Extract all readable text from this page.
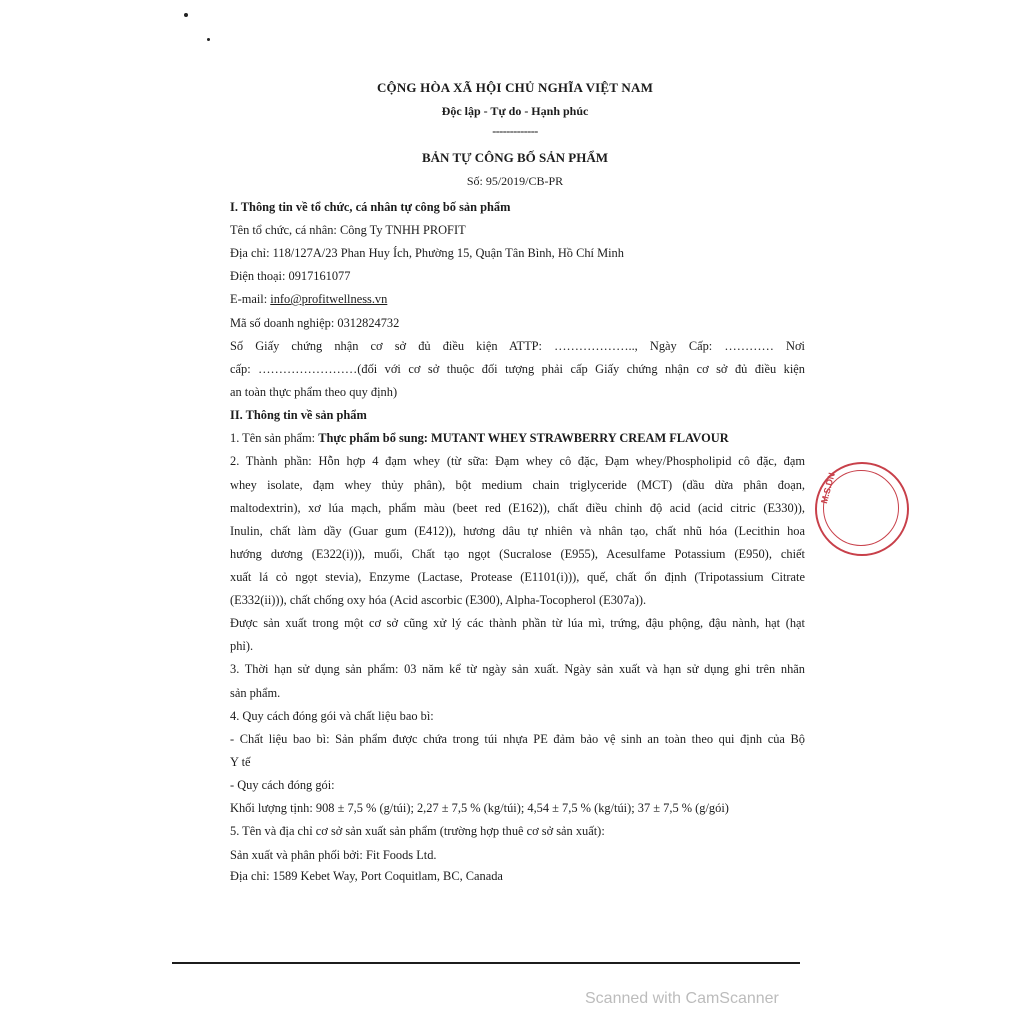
CỘNG HÒA XÃ HỘI CHỦ NGHĨA VIỆT NAM
Độc lập - Tự do - Hạnh phúc
-------------
BẢN TỰ CÔNG BỐ SẢN PHẨM
Số: 95/2019/CB-PR
I. Thông tin về tổ chức, cá nhân tự công bố sản phẩm
Tên tổ chức, cá nhân: Công Ty TNHH PROFIT
Địa chỉ: 118/127A/23 Phan Huy Ích, Phường 15, Quận Tân Bình, Hồ Chí Minh
Điện thoại: 0917161077
E-mail: info@profitwellness.vn
Mã số doanh nghiệp: 0312824732
Số Giấy chứng nhận cơ sở đủ điều kiện ATTP: ……………….., Ngày Cấp: ………… Nơi
cấp: ……………………(đối với cơ sở thuộc đối tượng phải cấp Giấy chứng nhận cơ sở đủ điều kiện
an toàn thực phẩm theo quy định)
II. Thông tin về sản phẩm
1. Tên sản phẩm: Thực phẩm bổ sung: MUTANT WHEY STRAWBERRY CREAM FLAVOUR
2. Thành phần: Hỗn hợp 4 đạm whey (từ sữa: Đạm whey cô đặc, Đạm whey/Phospholipid cô đặc, đạm
whey isolate, đạm whey thủy phân), bột medium chain triglyceride (MCT) (dầu dừa phân đoạn,
maltodextrin), xơ lúa mạch, phẩm màu (beet red (E162)), chất điều chỉnh độ acid (acid citric (E330)),
Inulin, chất làm dầy (Guar gum (E412)), hương dâu tự nhiên và nhân tạo, chất nhũ hóa (Lecithin hoa
hướng dương (E322(i))), muối, Chất tạo ngọt (Sucralose (E955), Acesulfame Potassium (E950), chiết
xuất lá cỏ ngọt stevia), Enzyme (Lactase, Protease (E1101(i))), quế, chất ổn định (Tripotassium Citrate
(E332(ii))), chất chống oxy hóa (Acid ascorbic (E300), Alpha-Tocopherol (E307a)).
Được sản xuất trong một cơ sở cũng xử lý các thành phần từ lúa mì, trứng, đậu phộng, đậu nành, hạt (hạt
phỉ).
3. Thời hạn sử dụng sản phẩm: 03 năm kể từ ngày sản xuất. Ngày sản xuất và hạn sử dụng ghi trên nhãn
sản phẩm.
4. Quy cách đóng gói và chất liệu bao bì:
- Chất liệu bao bì: Sản phẩm được chứa trong túi nhựa PE đảm bảo vệ sinh an toàn theo qui định của Bộ
Y tế
- Quy cách đóng gói:
Khối lượng tịnh: 908 ± 7,5 % (g/túi); 2,27 ± 7,5 % (kg/túi); 4,54 ± 7,5 % (kg/túi); 37 ± 7,5 % (g/gói)
5. Tên và địa chỉ cơ sở sản xuất sản phẩm (trường hợp thuê cơ sở sản xuất):
Sản xuất và phân phối bởi: Fit Foods Ltd.
Địa chỉ: 1589 Kebet Way, Port Coquitlam, BC, Canada
M.S.DN
Scanned with CamScanner
